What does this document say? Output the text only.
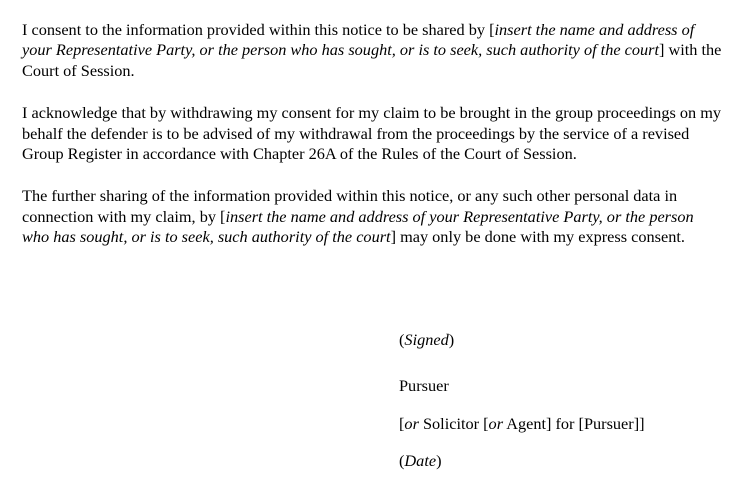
I consent to the information provided within this notice to be shared by [insert the name and address of your Representative Party, or the person who has sought, or is to seek, such authority of the court] with the Court of Session.

I acknowledge that by withdrawing my consent for my claim to be brought in the group proceedings on my behalf the defender is to be advised of my withdrawal from the proceedings by the service of a revised Group Register in accordance with Chapter 26A of the Rules of the Court of Session.

The further sharing of the information provided within this notice, or any such other personal data in connection with my claim, by [insert the name and address of your Representative Party, or the person who has sought, or is to seek, such authority of the court] may only be done with my express consent.

(Signed)

Pursuer

[or Solicitor [or Agent] for [Pursuer]]

(Date)
